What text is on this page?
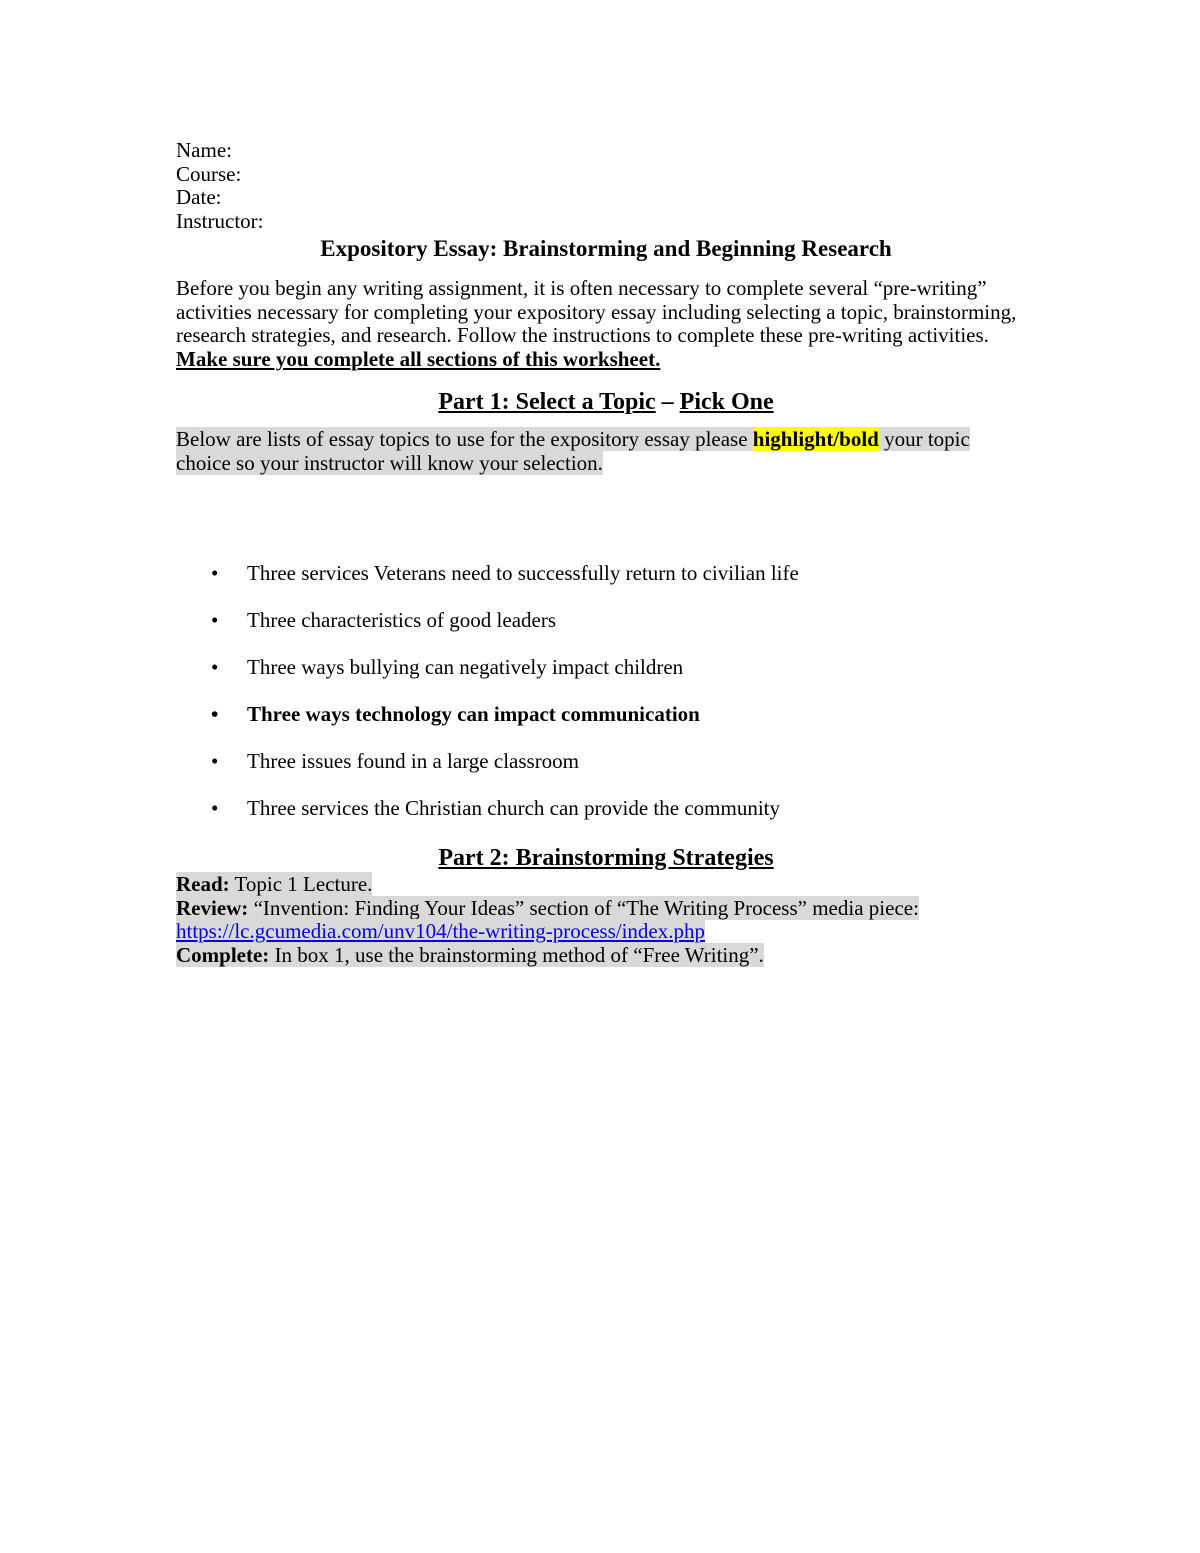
Name:

Course:

Date:

Instructor:

Expository Essay: Brainstorming and Beginning Research

Before you begin any writing assignment, it is often necessary to complete several “pre-writing” activities necessary for completing your expository essay including selecting a topic, brainstorming, research strategies, and research. Follow the instructions to complete these pre-writing activities. Make sure you complete all sections of this worksheet.

Part 1: Select a Topic – Pick One

Below are lists of essay topics to use for the expository essay please highlight/bold your topic choice so your instructor will know your selection.

• Three services Veterans need to successfully return to civilian life
• Three characteristics of good leaders
• Three ways bullying can negatively impact children
• Three ways technology can impact communication
• Three issues found in a large classroom
• Three services the Christian church can provide the community
Part 2: Brainstorming Strategies

Read: Topic 1 Lecture.

Review: “Invention: Finding Your Ideas” section of “The Writing Process” media piece: https://lc.gcumedia.com/unv104/the-writing-process/index.php

Complete: In box 1, use the brainstorming method of “Free Writing”.
